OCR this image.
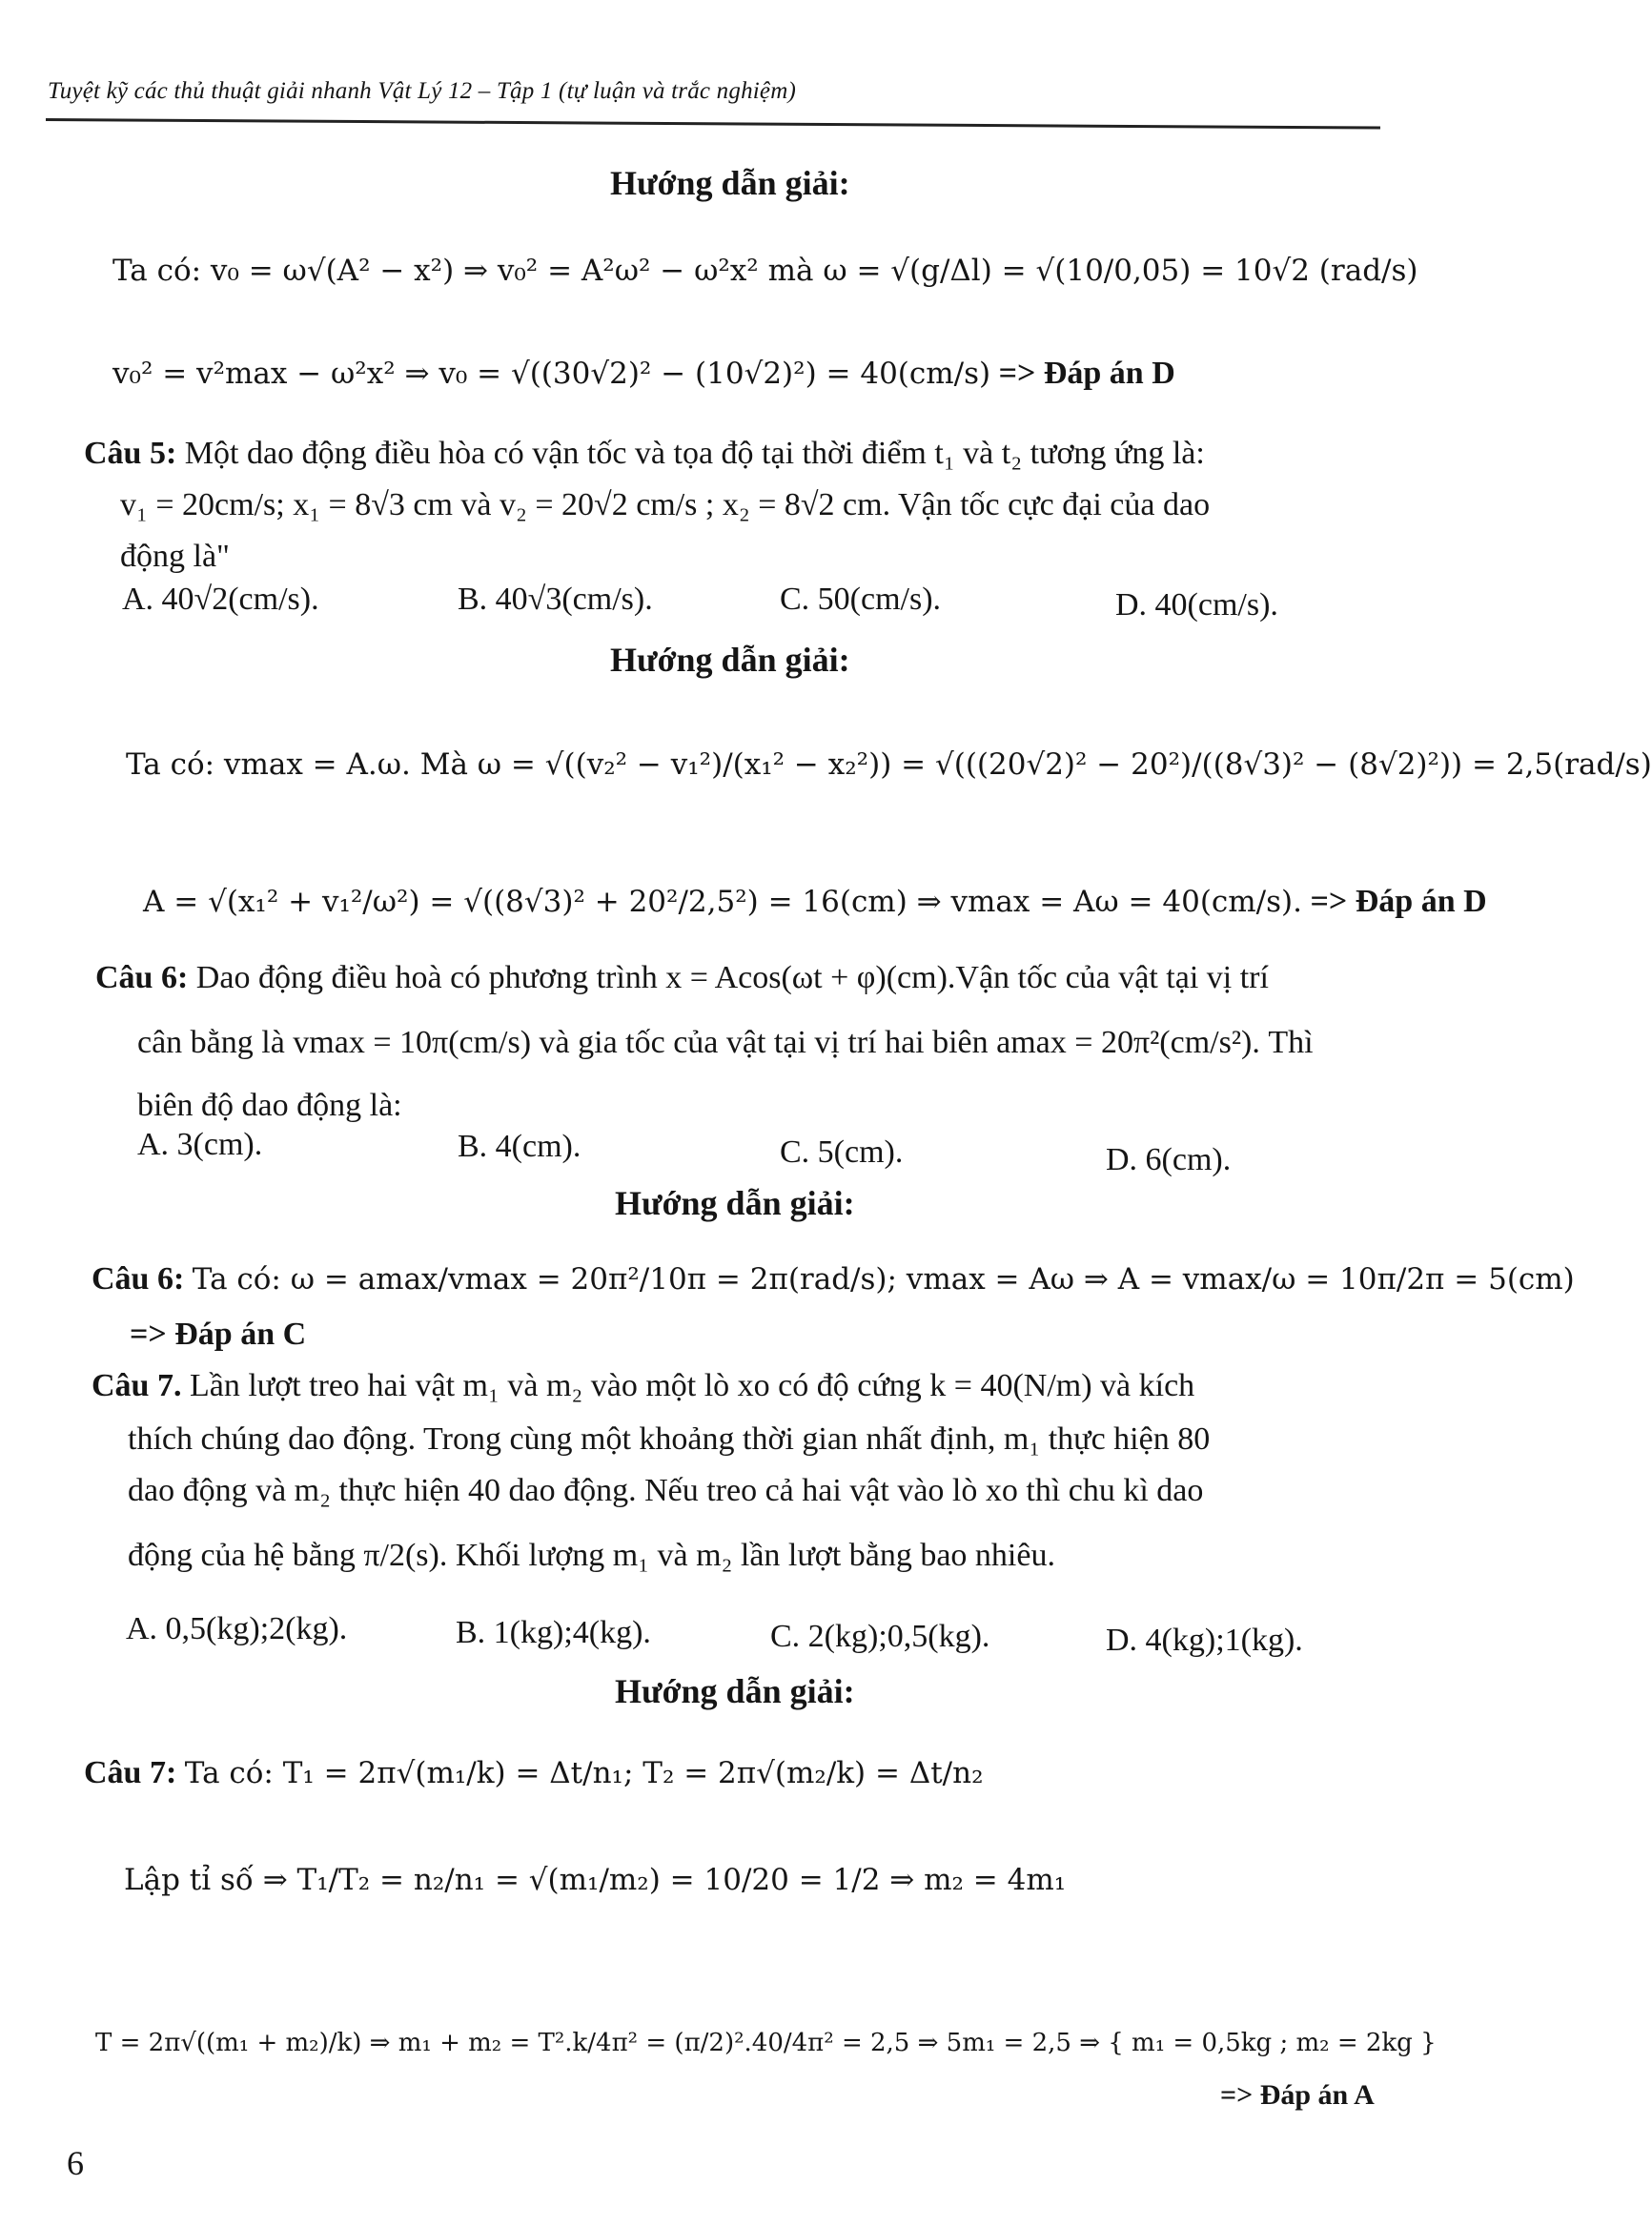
Tuyệt kỹ các thủ thuật giải nhanh Vật Lý 12 – Tập 1 (tự luận và trắc nghiệm)
Hướng dẫn giải:
Ta có: v₀ = ω√(A² − x²) ⇒ v₀² = A²ω² − ω²x² mà ω = √(g/Δl) = √(10/0,05) = 10√2 (rad/s)
v₀² = v²max − ω²x² ⇒ v₀ = √((30√2)² − (10√2)²) = 40(cm/s) => Đáp án D
Câu 5: Một dao động điều hòa có vận tốc và tọa độ tại thời điểm t₁ và t₂ tương ứng là:
v₁ = 20cm/s; x₁ = 8√3 cm và v₂ = 20√2 cm/s ; x₂ = 8√2 cm. Vận tốc cực đại của dao
động là"
A. 40√2(cm/s).	B. 40√3(cm/s).	C. 50(cm/s).	D. 40(cm/s).
Hướng dẫn giải:
Ta có: vmax = A.ω. Mà ω = √((v₂² − v₁²)/(x₁² − x₂²)) = √(((20√2)² − 20²)/((8√3)² − (8√2)²)) = 2,5(rad/s)
A = √(x₁² + v₁²/ω²) = √((8√3)² + 20²/2,5²) = 16(cm) ⇒ vmax = Aω = 40(cm/s). => Đáp án D
Câu 6: Dao động điều hoà có phương trình x = Acos(ωt + φ)(cm).Vận tốc của vật tại vị trí
cân bằng là vmax = 10π(cm/s) và gia tốc của vật tại vị trí hai biên amax = 20π²(cm/s²). Thì
biên độ dao động là:
A. 3(cm).	B. 4(cm).	C. 5(cm).	D. 6(cm).
Hướng dẫn giải:
Câu 6: Ta có: ω = amax/vmax = 20π²/10π = 2π(rad/s); vmax = Aω ⇒ A = vmax/ω = 10π/2π = 5(cm)
=> Đáp án C
Câu 7. Lần lượt treo hai vật m₁ và m₂ vào một lò xo có độ cứng k = 40(N/m) và kích
thích chúng dao động. Trong cùng một khoảng thời gian nhất định, m₁ thực hiện 80
dao động và m₂ thực hiện 40 dao động. Nếu treo cả hai vật vào lò xo thì chu kì dao
động của hệ bằng π/2(s). Khối lượng m₁ và m₂ lần lượt bằng bao nhiêu.
A. 0,5(kg);2(kg).	B. 1(kg);4(kg).	C. 2(kg);0,5(kg).	D. 4(kg);1(kg).
Hướng dẫn giải:
Câu 7: Ta có: T₁ = 2π√(m₁/k) = Δt/n₁; T₂ = 2π√(m₂/k) = Δt/n₂
Lập tỉ số ⇒ T₁/T₂ = n₂/n₁ = √(m₁/m₂) = 10/20 = 1/2 ⇒ m₂ = 4m₁
T = 2π√((m₁ + m₂)/k) ⇒ m₁ + m₂ = T².k/4π² = (π/2)².40/4π² = 2,5 ⇒ 5m₁ = 2,5 ⇒ { m₁ = 0,5kg ; m₂ = 2kg }
=> Đáp án A
6
